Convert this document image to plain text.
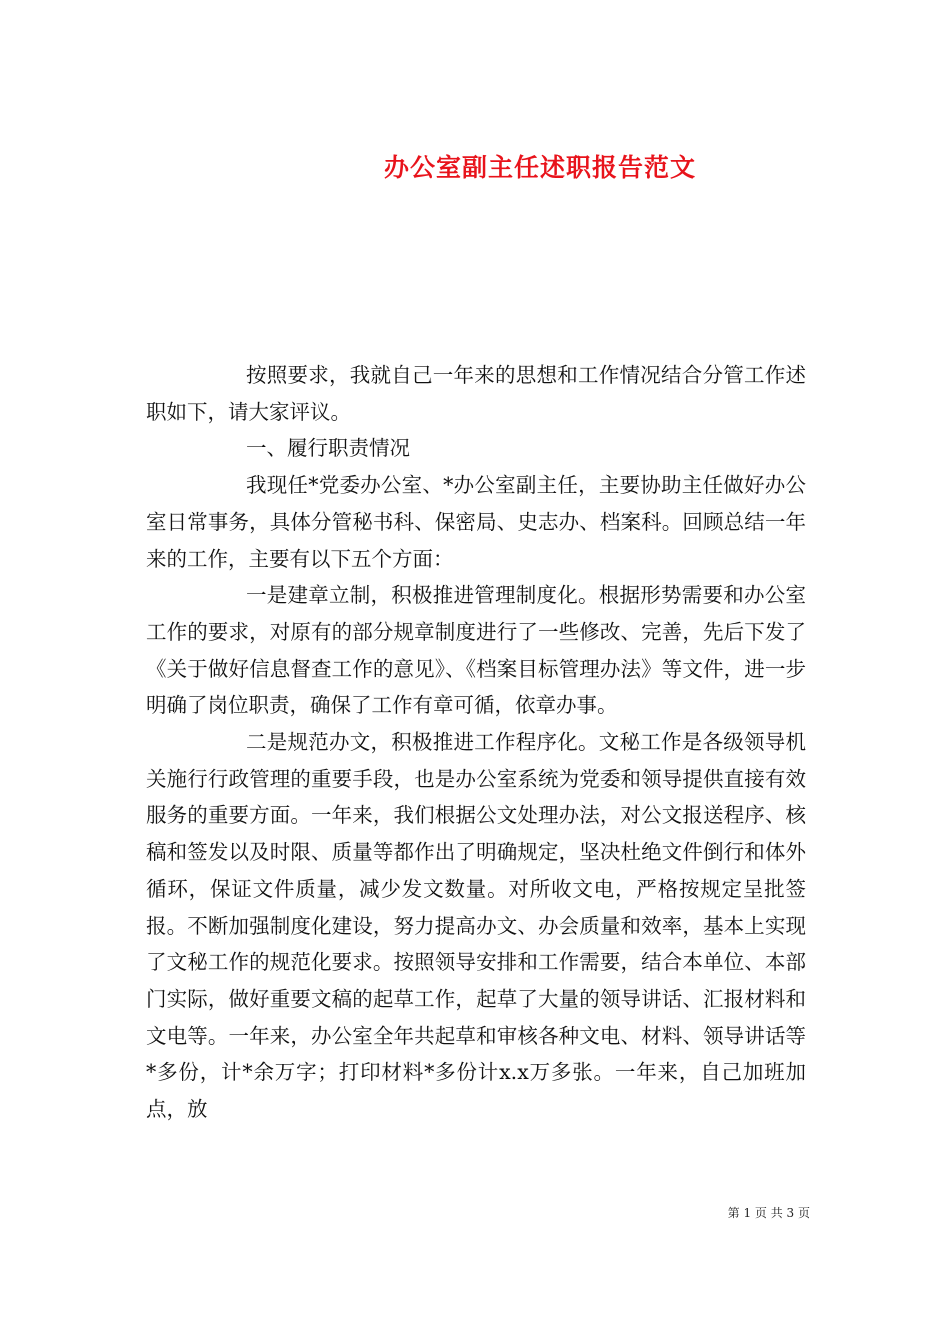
办公室副主任述职报告范文

按照要求，我就自己一年来的思想和工作情况结合分管工作述职如下，请大家评议。

一、履行职责情况

我现任*党委办公室、*办公室副主任，主要协助主任做好办公室日常事务，具体分管秘书科、保密局、史志办、档案科。回顾总结一年来的工作，主要有以下五个方面：

一是建章立制，积极推进管理制度化。根据形势需要和办公室工作的要求，对原有的部分规章制度进行了一些修改、完善，先后下发了《关于做好信息督查工作的意见》、《档案目标管理办法》等文件，进一步明确了岗位职责，确保了工作有章可循，依章办事。

二是规范办文，积极推进工作程序化。文秘工作是各级领导机关施行行政管理的重要手段，也是办公室系统为党委和领导提供直接有效服务的重要方面。一年来，我们根据公文处理办法，对公文报送程序、核稿和签发以及时限、质量等都作出了明确规定，坚决杜绝文件倒行和体外循环，保证文件质量，减少发文数量。对所收文电，严格按规定呈批签报。不断加强制度化建设，努力提高办文、办会质量和效率，基本上实现了文秘工作的规范化要求。按照领导安排和工作需要，结合本单位、本部门实际，做好重要文稿的起草工作，起草了大量的领导讲话、汇报材料和文电等。一年来，办公室全年共起草和审核各种文电、材料、领导讲话等*多份，计*余万字；打印材料*多份计x.x万多张。一年来，自己加班加点，放

第 1 页 共 3 页
